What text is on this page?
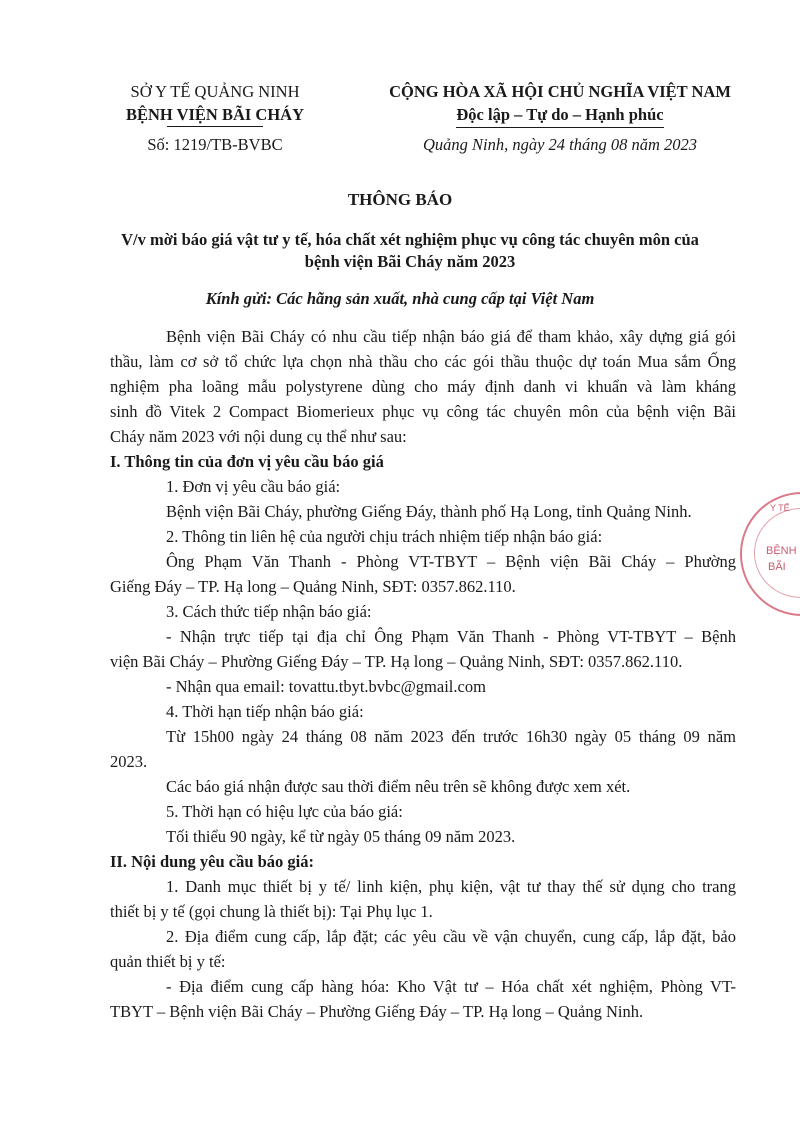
SỞ Y TẾ QUẢNG NINH
BỆNH VIỆN BÃI CHÁY
Số: 1219/TB-BVBC
CỘNG HÒA XÃ HỘI CHỦ NGHĨA VIỆT NAM
Độc lập – Tự do – Hạnh phúc
Quảng Ninh, ngày 24 tháng 08 năm 2023
THÔNG BÁO
V/v mời báo giá vật tư y tế, hóa chất xét nghiệm phục vụ công tác chuyên môn của
bệnh viện Bãi Cháy năm 2023
Kính gửi: Các hãng sản xuất, nhà cung cấp tại Việt Nam

Bệnh viện Bãi Cháy có nhu cầu tiếp nhận báo giá để tham khảo, xây dựng giá gói

thầu, làm cơ sở tổ chức lựa chọn nhà thầu cho các gói thầu thuộc dự toán Mua sắm Ống

nghiệm pha loãng mẫu polystyrene dùng cho máy định danh vi khuẩn và làm kháng

sinh đồ Vitek 2 Compact Biomerieux phục vụ công tác chuyên môn của bệnh viện Bãi

Cháy năm 2023 với nội dung cụ thể như sau:

I. Thông tin của đơn vị yêu cầu báo giá

1. Đơn vị yêu cầu báo giá:

Bệnh viện Bãi Cháy, phường Giếng Đáy, thành phố Hạ Long, tỉnh Quảng Ninh.

2. Thông tin liên hệ của người chịu trách nhiệm tiếp nhận báo giá:

Ông Phạm Văn Thanh - Phòng VT-TBYT – Bệnh viện Bãi Cháy – Phường

Giếng Đáy – TP. Hạ long – Quảng Ninh, SĐT: 0357.862.110.

3. Cách thức tiếp nhận báo giá:

- Nhận trực tiếp tại địa chỉ Ông Phạm Văn Thanh - Phòng VT-TBYT – Bệnh

viện Bãi Cháy – Phường Giếng Đáy – TP. Hạ long – Quảng Ninh, SĐT: 0357.862.110.

- Nhận qua email: tovattu.tbyt.bvbc@gmail.com

4. Thời hạn tiếp nhận báo giá:

Từ 15h00 ngày 24 tháng 08 năm 2023 đến trước 16h30 ngày 05 tháng 09 năm

2023.

Các báo giá nhận được sau thời điểm nêu trên sẽ không được xem xét.

5. Thời hạn có hiệu lực của báo giá:

Tối thiểu 90 ngày, kể từ ngày 05 tháng 09 năm 2023.

II. Nội dung yêu cầu báo giá:

1. Danh mục thiết bị y tế/ linh kiện, phụ kiện, vật tư thay thế sử dụng cho trang

thiết bị y tế (gọi chung là thiết bị): Tại Phụ lục 1.

2. Địa điểm cung cấp, lắp đặt; các yêu cầu về vận chuyển, cung cấp, lắp đặt, bảo

quản thiết bị y tế:

- Địa điểm cung cấp hàng hóa: Kho Vật tư – Hóa chất xét nghiệm, Phòng VT-

TBYT – Bệnh viện Bãi Cháy – Phường Giếng Đáy – TP. Hạ long – Quảng Ninh.

Y TẾ
BỆNH
BÃI
